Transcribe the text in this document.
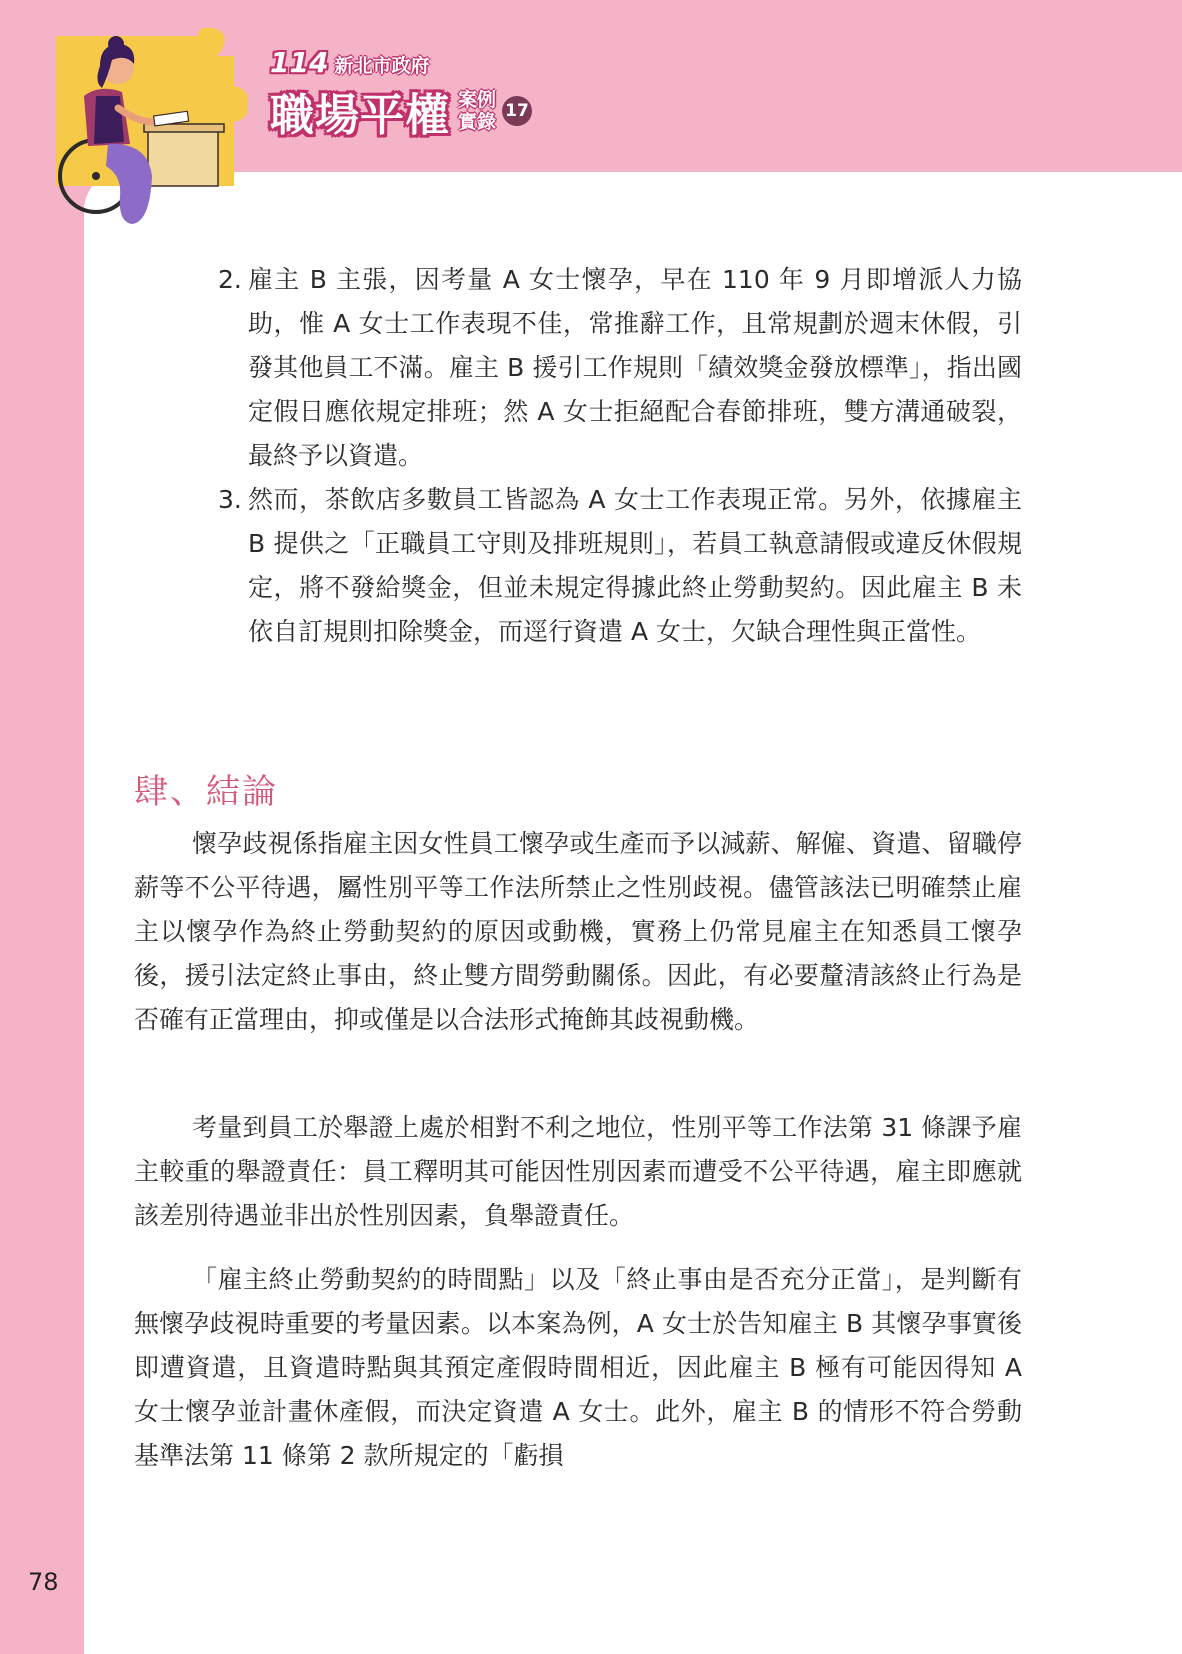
114 新北市政府
職場平權 案例
實錄 17
2. 雇主 B 主張，因考量 A 女士懷孕，早在 110 年 9 月即增派人力協助，惟 A 女士工作表現不佳，常推辭工作，且常規劃於週末休假，引發其他員工不滿。雇主 B 援引工作規則「績效獎金發放標準」，指出國定假日應依規定排班；然 A 女士拒絕配合春節排班，雙方溝通破裂，最終予以資遣。
3. 然而，茶飲店多數員工皆認為 A 女士工作表現正常。另外，依據雇主 B 提供之「正職員工守則及排班規則」，若員工執意請假或違反休假規定，將不發給獎金，但並未規定得據此終止勞動契約。因此雇主 B 未依自訂規則扣除獎金，而逕行資遣 A 女士，欠缺合理性與正當性。
肆、結論
懷孕歧視係指雇主因女性員工懷孕或生產而予以減薪、解僱、資遣、留職停薪等不公平待遇，屬性別平等工作法所禁止之性別歧視。儘管該法已明確禁止雇主以懷孕作為終止勞動契約的原因或動機，實務上仍常見雇主在知悉員工懷孕後，援引法定終止事由，終止雙方間勞動關係。因此，有必要釐清該終止行為是否確有正當理由，抑或僅是以合法形式掩飾其歧視動機。
考量到員工於舉證上處於相對不利之地位，性別平等工作法第 31 條課予雇主較重的舉證責任：員工釋明其可能因性別因素而遭受不公平待遇，雇主即應就該差別待遇並非出於性別因素，負舉證責任。
「雇主終止勞動契約的時間點」以及「終止事由是否充分正當」，是判斷有無懷孕歧視時重要的考量因素。以本案為例，A 女士於告知雇主 B 其懷孕事實後即遭資遣，且資遣時點與其預定產假時間相近，因此雇主 B 極有可能因得知 A 女士懷孕並計畫休產假，而決定資遣 A 女士。此外，雇主 B 的情形不符合勞動基準法第 11 條第 2 款所規定的「虧損
78
